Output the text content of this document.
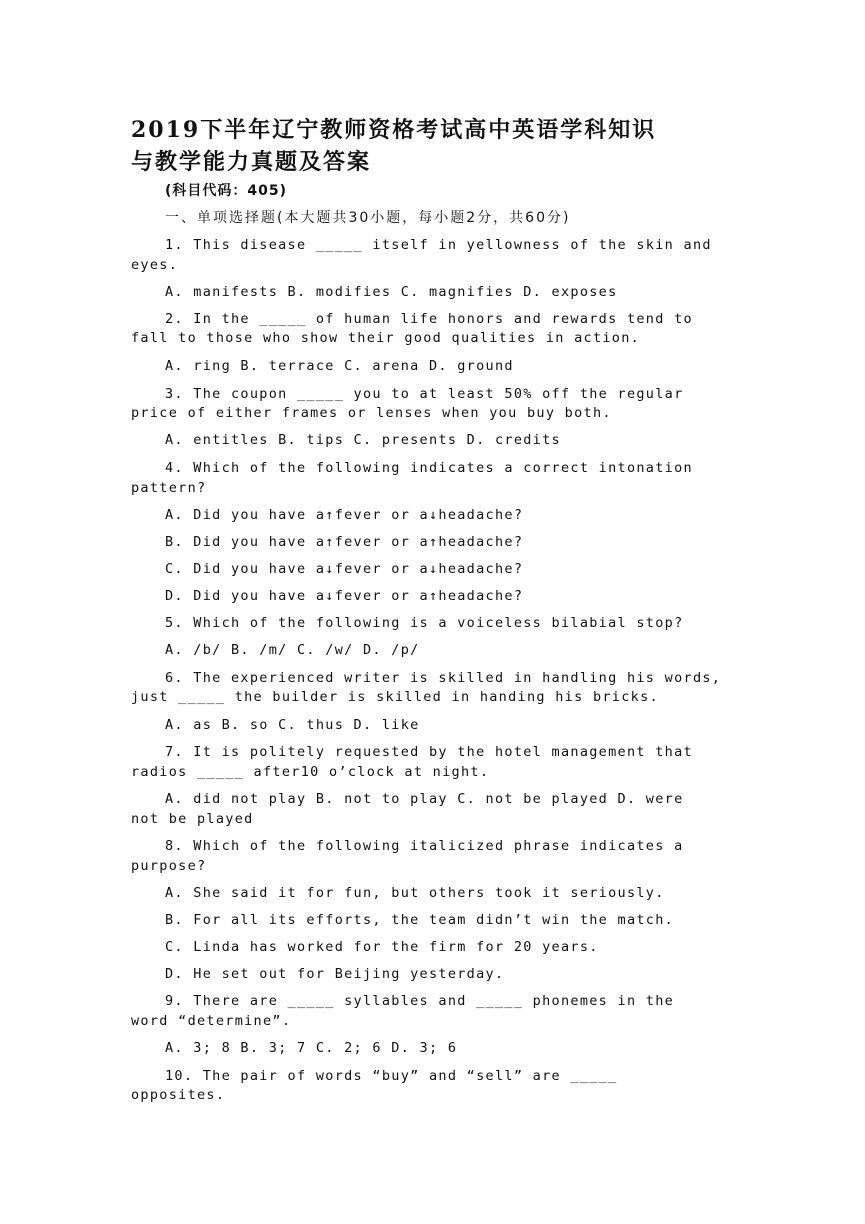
2019下半年辽宁教师资格考试高中英语学科知识
与教学能力真题及答案
(科目代码：405)
一、单项选择题(本大题共30小题，每小题2分，共60分)
1. This disease _____ itself in yellowness of the skin and
eyes.
A. manifests B. modifies C. magnifies D. exposes
2. In the _____ of human life honors and rewards tend to
fall to those who show their good qualities in action.
A. ring B. terrace C. arena D. ground
3. The coupon _____ you to at least 50% off the regular
price of either frames or lenses when you buy both.
A. entitles B. tips C. presents D. credits
4. Which of the following indicates a correct intonation
pattern?
A. Did you have a↑fever or a↓headache?
B. Did you have a↑fever or a↑headache?
C. Did you have a↓fever or a↓headache?
D. Did you have a↓fever or a↑headache?
5. Which of the following is a voiceless bilabial stop?
A. /b/ B. /m/ C. /w/ D. /p/
6. The experienced writer is skilled in handling his words,
just _____ the builder is skilled in handing his bricks.
A. as B. so C. thus D. like
7. It is politely requested by the hotel management that
radios _____ after10 o’clock at night.
A. did not play B. not to play C. not be played D. were
not be played
8. Which of the following italicized phrase indicates a
purpose?
A. She said it for fun, but others took it seriously.
B. For all its efforts, the team didn’t win the match.
C. Linda has worked for the firm for 20 years.
D. He set out for Beijing yesterday.
9. There are _____ syllables and _____ phonemes in the
word “determine”.
A. 3; 8 B. 3; 7 C. 2; 6 D. 3; 6
10. The pair of words “buy” and “sell” are _____
opposites.
